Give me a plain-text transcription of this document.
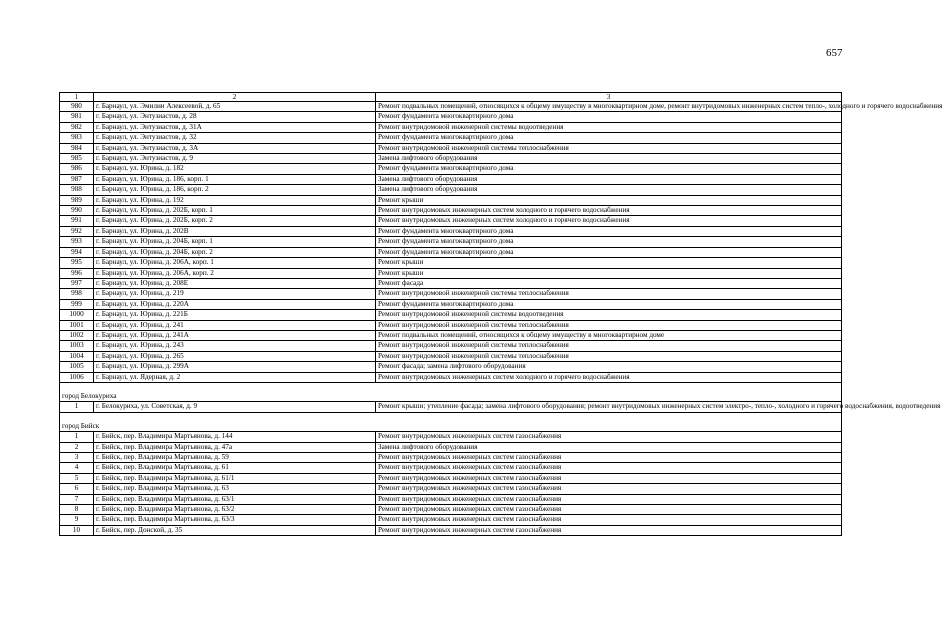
657
1	2	3
980	г. Барнаул, ул. Эмилии Алексеевой, д. 65	Ремонт подвальных помещений, относящихся к общему имуществу в многоквартирном доме, ремонт внутридомовых инженерных систем тепло-, холодного и горячего водоснабжения
981	г. Барнаул, ул. Энтузиастов, д. 28	Ремонт фундамента многоквартирного дома
982	г. Барнаул, ул. Энтузиастов, д. 31А	Ремонт внутридомовой инженерной системы водоотведения
983	г. Барнаул, ул. Энтузиастов, д. 32	Ремонт фундамента многоквартирного дома
984	г. Барнаул, ул. Энтузиастов, д. 3А	Ремонт внутридомовой инженерной системы теплоснабжения
985	г. Барнаул, ул. Энтузиастов, д. 9	Замена лифтового оборудования
986	г. Барнаул, ул. Юрина, д. 182	Ремонт фундамента многоквартирного дома
987	г. Барнаул, ул. Юрина, д. 186, корп. 1	Замена лифтового оборудования
988	г. Барнаул, ул. Юрина, д. 186, корп. 2	Замена лифтового оборудования
989	г. Барнаул, ул. Юрина, д. 192	Ремонт крыши
990	г. Барнаул, ул. Юрина, д. 202Б, корп. 1	Ремонт внутридомовых инженерных систем холодного и горячего водоснабжения
991	г. Барнаул, ул. Юрина, д. 202Б, корп. 2	Ремонт внутридомовых инженерных систем холодного и горячего водоснабжения
992	г. Барнаул, ул. Юрина, д. 202В	Ремонт фундамента многоквартирного дома
993	г. Барнаул, ул. Юрина, д. 204Б, корп. 1	Ремонт фундамента многоквартирного дома
994	г. Барнаул, ул. Юрина, д. 204Б, корп. 2	Ремонт фундамента многоквартирного дома
995	г. Барнаул, ул. Юрина, д. 206А, корп. 1	Ремонт крыши
996	г. Барнаул, ул. Юрина, д. 206А, корп. 2	Ремонт крыши
997	г. Барнаул, ул. Юрина, д. 208Е	Ремонт фасада
998	г. Барнаул, ул. Юрина, д. 219	Ремонт внутридомовой инженерной системы теплоснабжения
999	г. Барнаул, ул. Юрина, д. 220А	Ремонт фундамента многоквартирного дома
1000	г. Барнаул, ул. Юрина, д. 221Б	Ремонт внутридомовой инженерной системы водоотведения
1001	г. Барнаул, ул. Юрина, д. 241	Ремонт внутридомовой инженерной системы теплоснабжения
1002	г. Барнаул, ул. Юрина, д. 241А	Ремонт подвальных помещений, относящихся к общему имуществу в многоквартирном доме
1003	г. Барнаул, ул. Юрина, д. 243	Ремонт внутридомовой инженерной системы теплоснабжения
1004	г. Барнаул, ул. Юрина, д. 265	Ремонт внутридомовой инженерной системы теплоснабжения
1005	г. Барнаул, ул. Юрина, д. 299А	Ремонт фасада; замена лифтового оборудования
1006	г. Барнаул, ул. Ядерная, д. 2	Ремонт внутридомовых инженерных систем холодного и горячего водоснабжения

город Белокуриха		
1	г. Белокуриха, ул. Советская, д. 9	Ремонт крыши; утепление фасада; замена лифтового оборудования; ремонт внутридомовых инженерных систем электро-, тепло-, холодного и горячего водоснабжения, водоотведения

город Бийск		
1	г. Бийск, пер. Владимира Мартьянова, д. 144	Ремонт внутридомовых инженерных систем газоснабжения
2	г. Бийск, пер. Владимира Мартьянова, д. 47а	Замена лифтового оборудования
3	г. Бийск, пер. Владимира Мартьянова, д. 59	Ремонт внутридомовых инженерных систем газоснабжения
4	г. Бийск, пер. Владимира Мартьянова, д. 61	Ремонт внутридомовых инженерных систем газоснабжения
5	г. Бийск, пер. Владимира Мартьянова, д. 61/1	Ремонт внутридомовых инженерных систем газоснабжения
6	г. Бийск, пер. Владимира Мартьянова, д. 63	Ремонт внутридомовых инженерных систем газоснабжения
7	г. Бийск, пер. Владимира Мартьянова, д. 63/1	Ремонт внутридомовых инженерных систем газоснабжения
8	г. Бийск, пер. Владимира Мартьянова, д. 63/2	Ремонт внутридомовых инженерных систем газоснабжения
9	г. Бийск, пер. Владимира Мартьянова, д. 63/3	Ремонт внутридомовых инженерных систем газоснабжения
10	г. Бийск, пер. Донской, д. 35	Ремонт внутридомовых инженерных систем газоснабжения
